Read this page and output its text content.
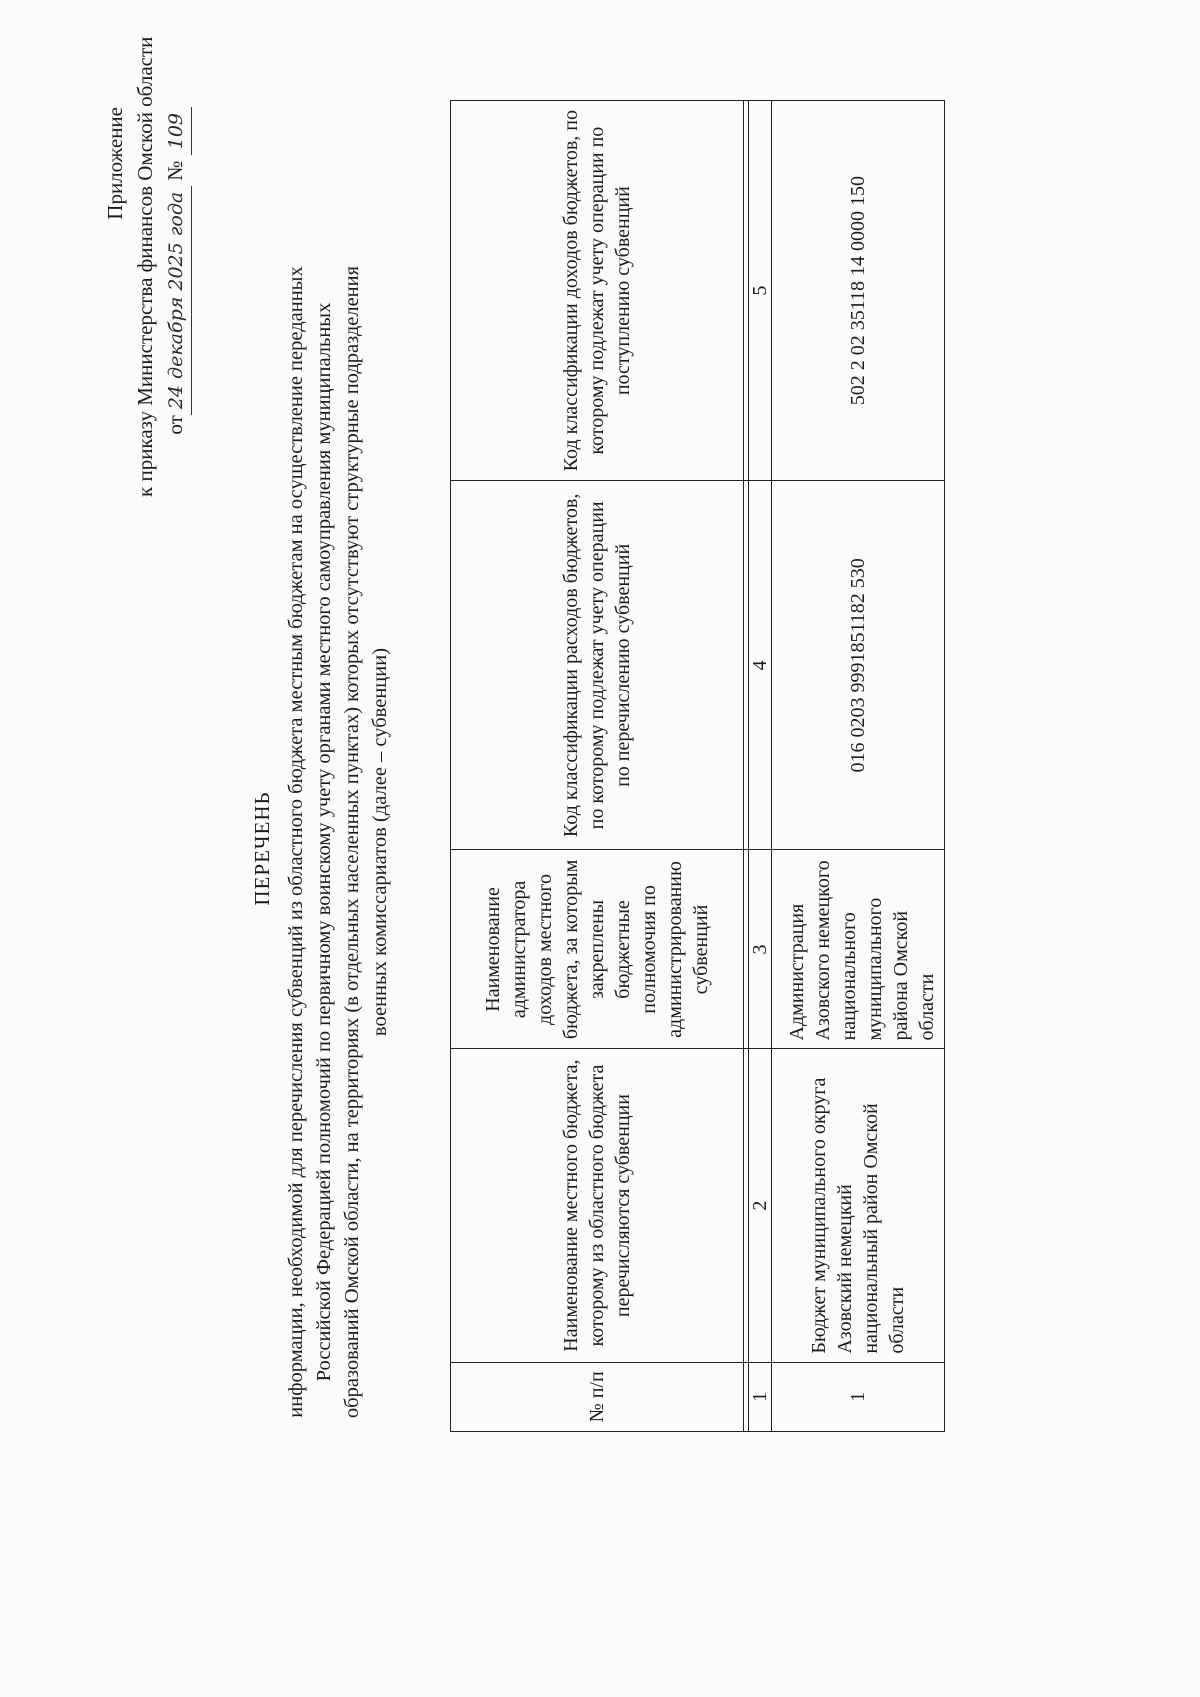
Приложение к приказу Министерства финансов Омской области от24 декабря 2025 года № 109
ПЕРЕЧЕНЬ информации, необходимой для перечисления субвенций из областного бюджета местным бюджетам на осуществление переданных Российской Федерацией полномочий по первичному воинскому учету органами местного самоуправления муниципальных образований Омской области, на территориях (в отдельных населенных пунктах) которых отсутствуют структурные подразделения военных комиссариатов (далее – субвенции)
№ п/п	Наименование местного бюджета, которому из областного бюджета перечисляются субвенции	Наименование администратора доходов местного бюджета, за которым закреплены бюджетные полномочия по администрированию субвенций	Код классификации расходов бюджетов, по которому подлежат учету операции по перечислению субвенций	Код классификации доходов бюджетов, по которому подлежат учету операции по поступлению субвенций

1	2	3	4	5
1	Бюджет муниципального округа Азовский немецкий национальный район Омской области	Администрация Азовского немецкого национального муниципального района Омской области	016 0203 9991851182 530	502 2 02 35118 14 0000 150
